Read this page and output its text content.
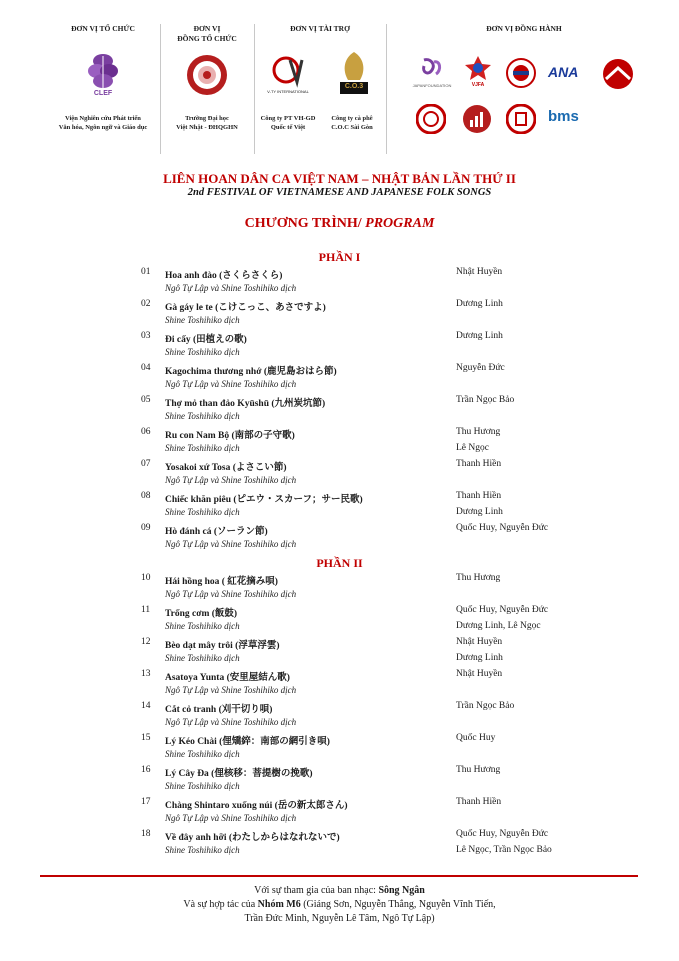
ĐƠN VỊ TỔ CHỨC
CLEF
Viện Nghiên cứu Phát triển
Văn hóa, Ngôn ngữ và Giáo dục
ĐƠN VỊ
ĐỒNG TỔ CHỨC
Trường Đại học
Việt Nhật - ĐHQGHN
ĐƠN VỊ TÀI TRỢ
V-TY INTERNATIONAL
C.O.3
Công ty PT VH-GD
Quốc tế Việt
Công ty cà phê
C.O.C Sài Gòn
ĐƠN VỊ ĐỒNG HÀNH
JAPANFOUNDATION	VJFA
ANA
bms
LIÊN HOAN DÂN CA VIỆT NAM – NHẬT BẢN LẦN THỨ II
2nd FESTIVAL OF VIETNAMESE AND JAPANESE FOLK SONGS
CHƯƠNG TRÌNH/ PROGRAM
PHẦN I
PHẦN II
01 Hoa anh đào (さくらさくら)
Ngô Tự Lập và Shine Toshihiko dịch
Nhật Huyền
02 Gà gáy le te (こけこっこ、あさですよ)
Shine Toshihiko dịch
Dương Linh
03 Đi cấy (田植えの歌)
Shine Toshihiko dịch
Dương Linh
04 Kagochima thương nhớ (鹿児島おはら節)
Ngô Tự Lập và Shine Toshihiko dịch
Nguyễn Đức
05 Thợ mỏ than đảo Kyūshū (九州炭坑節)
Shine Toshihiko dịch
Trần Ngọc Bảo
06 Ru con Nam Bộ (南部の子守歌)
Shine Toshihiko dịch
Thu Hương
Lê Ngọc
07 Yosakoi xứ Tosa (よさこい節)
Ngô Tự Lập và Shine Toshihiko dịch
Thanh Hiền
08 Chiếc khăn piêu (ピエウ・スカーフ；サー民歌)
Shine Toshihiko dịch
Thanh Hiền
Dương Linh
09 Hò đánh cá (ソーラン節)
Ngô Tự Lập và Shine Toshihiko dịch
Quốc Huy, Nguyễn Đức
10 Hái hồng hoa ( 紅花摘み唄)
Ngô Tự Lập và Shine Toshihiko dịch
Thu Hương
11 Trống cơm (飯鼓)
Shine Toshihiko dịch
Quốc Huy, Nguyễn Đức
Dương Linh, Lê Ngọc
12 Bèo dạt mây trôi (浮草浮雲)
Shine Toshihiko dịch
Nhật Huyền
Dương Linh
13 Asatoya Yunta (安里屋結ん歌)
Ngô Tự Lập và Shine Toshihiko dịch
Nhật Huyền
14 Cắt cỏ tranh (刈干切り唄)
Ngô Tự Lập và Shine Toshihiko dịch
Trần Ngọc Bảo
15 Lý Kéo Chài (俚矯綷：南部の網引き唄)
Shine Toshihiko dịch
Quốc Huy
16 Lý Cây Đa (俚核移：菩提樹の挽歌)
Shine Toshihiko dịch
Thu Hương
17 Chàng Shintaro xuống núi (岳の新太郎さん)
Ngô Tự Lập và Shine Toshihiko dịch
Thanh Hiền
18 Về đây anh hỡi (わたしからはなれないで)
Shine Toshihiko dịch
Quốc Huy, Nguyễn Đức
Lê Ngọc, Trần Ngọc Bảo
Với sự tham gia của ban nhạc: Sông Ngân
Và sự hợp tác của Nhóm M6 (Giáng Sơn, Nguyễn Thắng, Nguyễn Vĩnh Tiến,
Trần Đức Minh, Nguyễn Lê Tâm, Ngô Tự Lập)
